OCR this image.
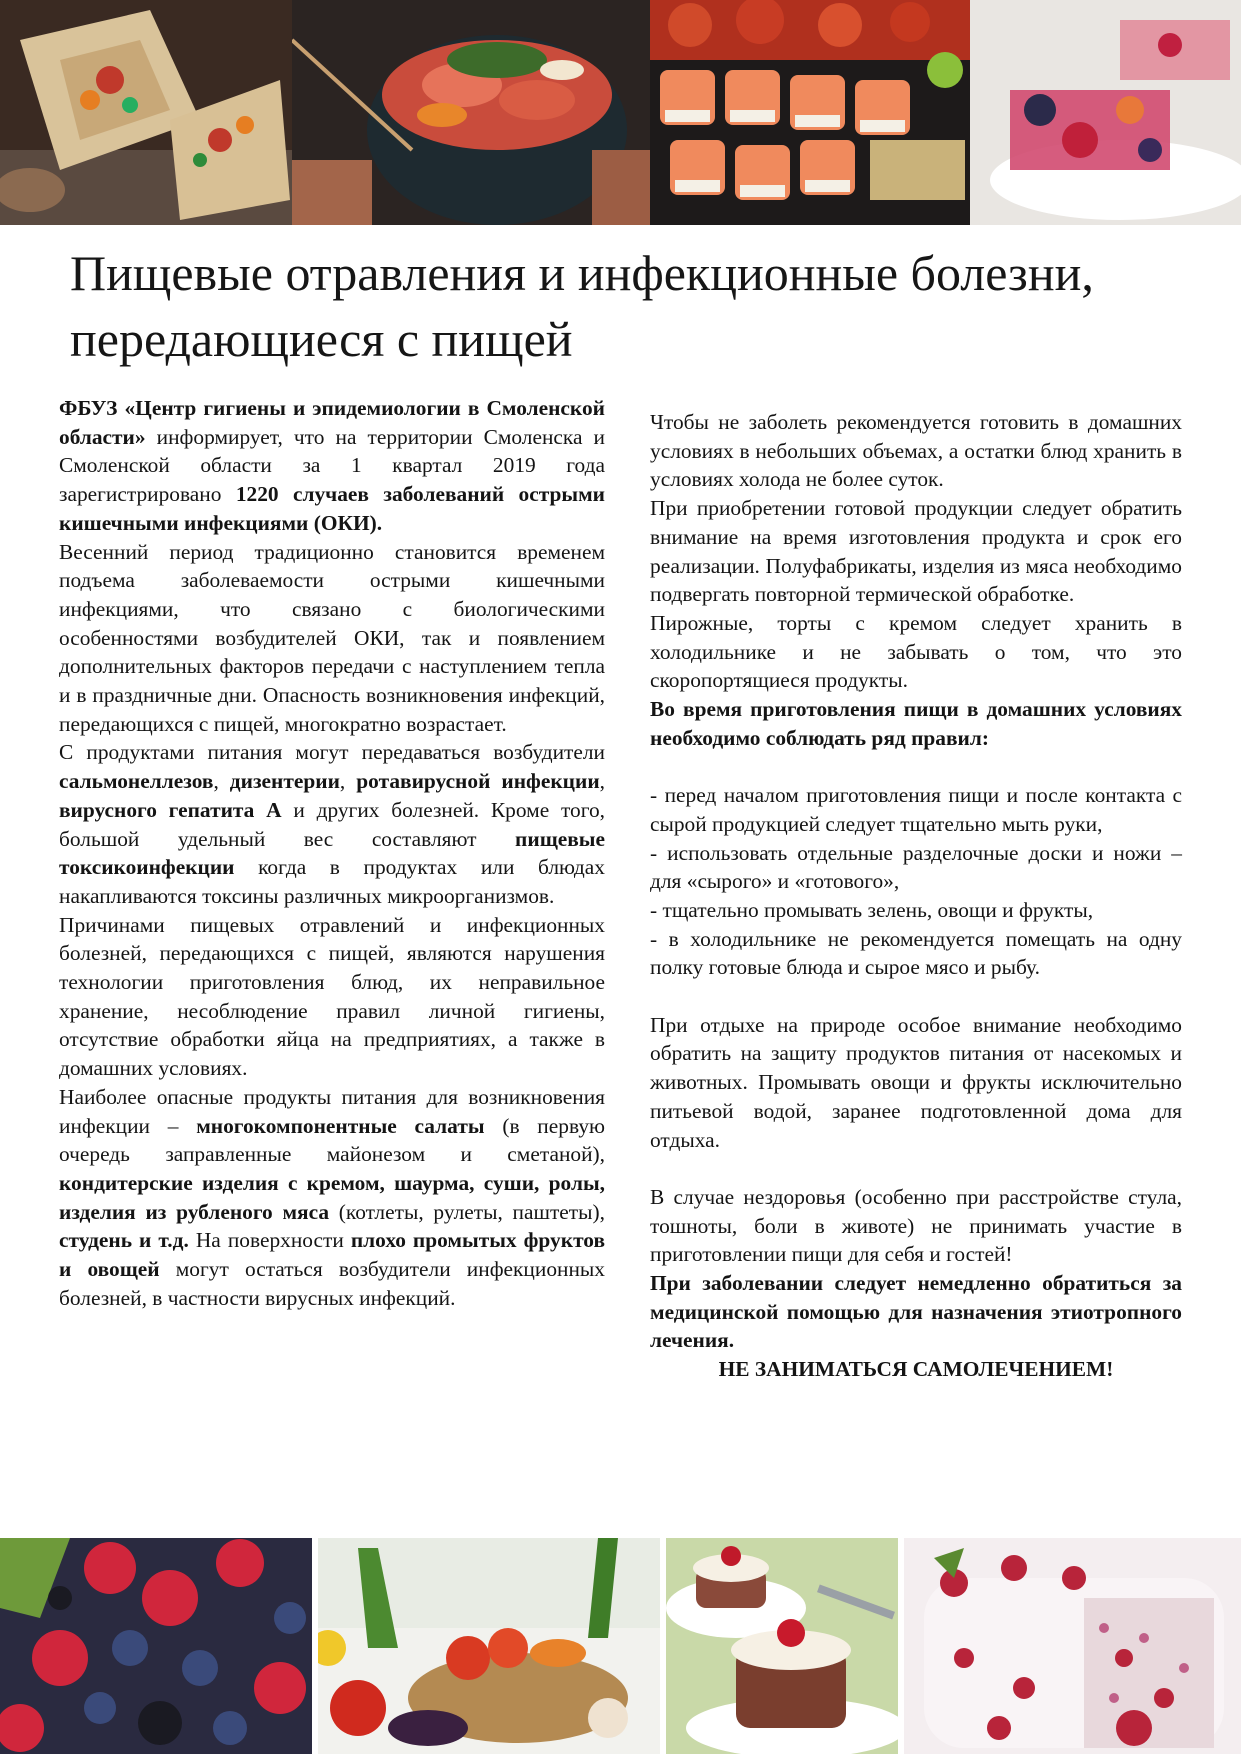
Пищевые отравления и инфекционные болезни, передающиеся с пищей

ФБУЗ «Центр гигиены и эпидемиологии в Смоленской области» информирует, что на территории Смоленска и Смоленской области за 1 квартал 2019 года зарегистрировано 1220 случаев заболеваний острыми кишечными инфекциями (ОКИ).

Весенний период традиционно становится временем подъема заболеваемости острыми кишечными инфекциями, что связано с биологическими особенностями возбудителей ОКИ, так и появлением дополнительных факторов передачи с наступлением тепла и в праздничные дни. Опасность возникновения инфекций, передающихся с пищей, многократно возрастает.

С продуктами питания могут передаваться возбудители сальмонеллезов, дизентерии, ротавирусной инфекции, вирусного гепатита А и других болезней. Кроме того, большой удельный вес составляют пищевые токсикоинфекции когда в продуктах или блюдах накапливаются токсины различных микроорганизмов.

Причинами пищевых отравлений и инфекционных болезней, передающихся с пищей, являются нарушения технологии приготовления блюд, их неправильное хранение, несоблюдение правил личной гигиены, отсутствие обработки яйца на предприятиях, а также в домашних условиях.

Наиболее опасные продукты питания для возникновения инфекции – многокомпонентные салаты (в первую очередь заправленные майонезом и сметаной), кондитерские изделия с кремом, шаурма, суши, ролы, изделия из рубленого мяса (котлеты, рулеты, паштеты), студень и т.д. На поверхности плохо промытых фруктов и овощей могут остаться возбудители инфекционных болезней, в частности вирусных инфекций.

Чтобы не заболеть рекомендуется готовить в домашних условиях в небольших объемах, а остатки блюд хранить в условиях холода не более суток.

При приобретении готовой продукции следует обратить внимание на время изготовления продукта и срок его реализации. Полуфабрикаты, изделия из мяса необходимо подвергать повторной термической обработке.

Пирожные, торты с кремом следует хранить в холодильнике и не забывать о том, что это скоропортящиеся продукты.

Во время приготовления пищи в домашних условиях необходимо соблюдать ряд правил:

- перед началом приготовления пищи и после контакта с сырой продукцией следует тщательно мыть руки,

- использовать отдельные разделочные доски и ножи – для «сырого» и «готового»,

- тщательно промывать зелень, овощи и фрукты,

- в холодильнике не рекомендуется помещать на одну полку готовые блюда и сырое мясо и рыбу.

При отдыхе на природе особое внимание необходимо обратить на защиту продуктов питания от насекомых и животных. Промывать овощи и фрукты исключительно питьевой водой, заранее подготовленной дома для отдыха.

В случае нездоровья (особенно при расстройстве стула, тошноты, боли в животе) не принимать участие в приготовлении пищи для себя и гостей!

При заболевании следует немедленно обратиться за медицинской помощью для назначения этиотропного лечения.

НЕ ЗАНИМАТЬСЯ САМОЛЕЧЕНИЕМ!
